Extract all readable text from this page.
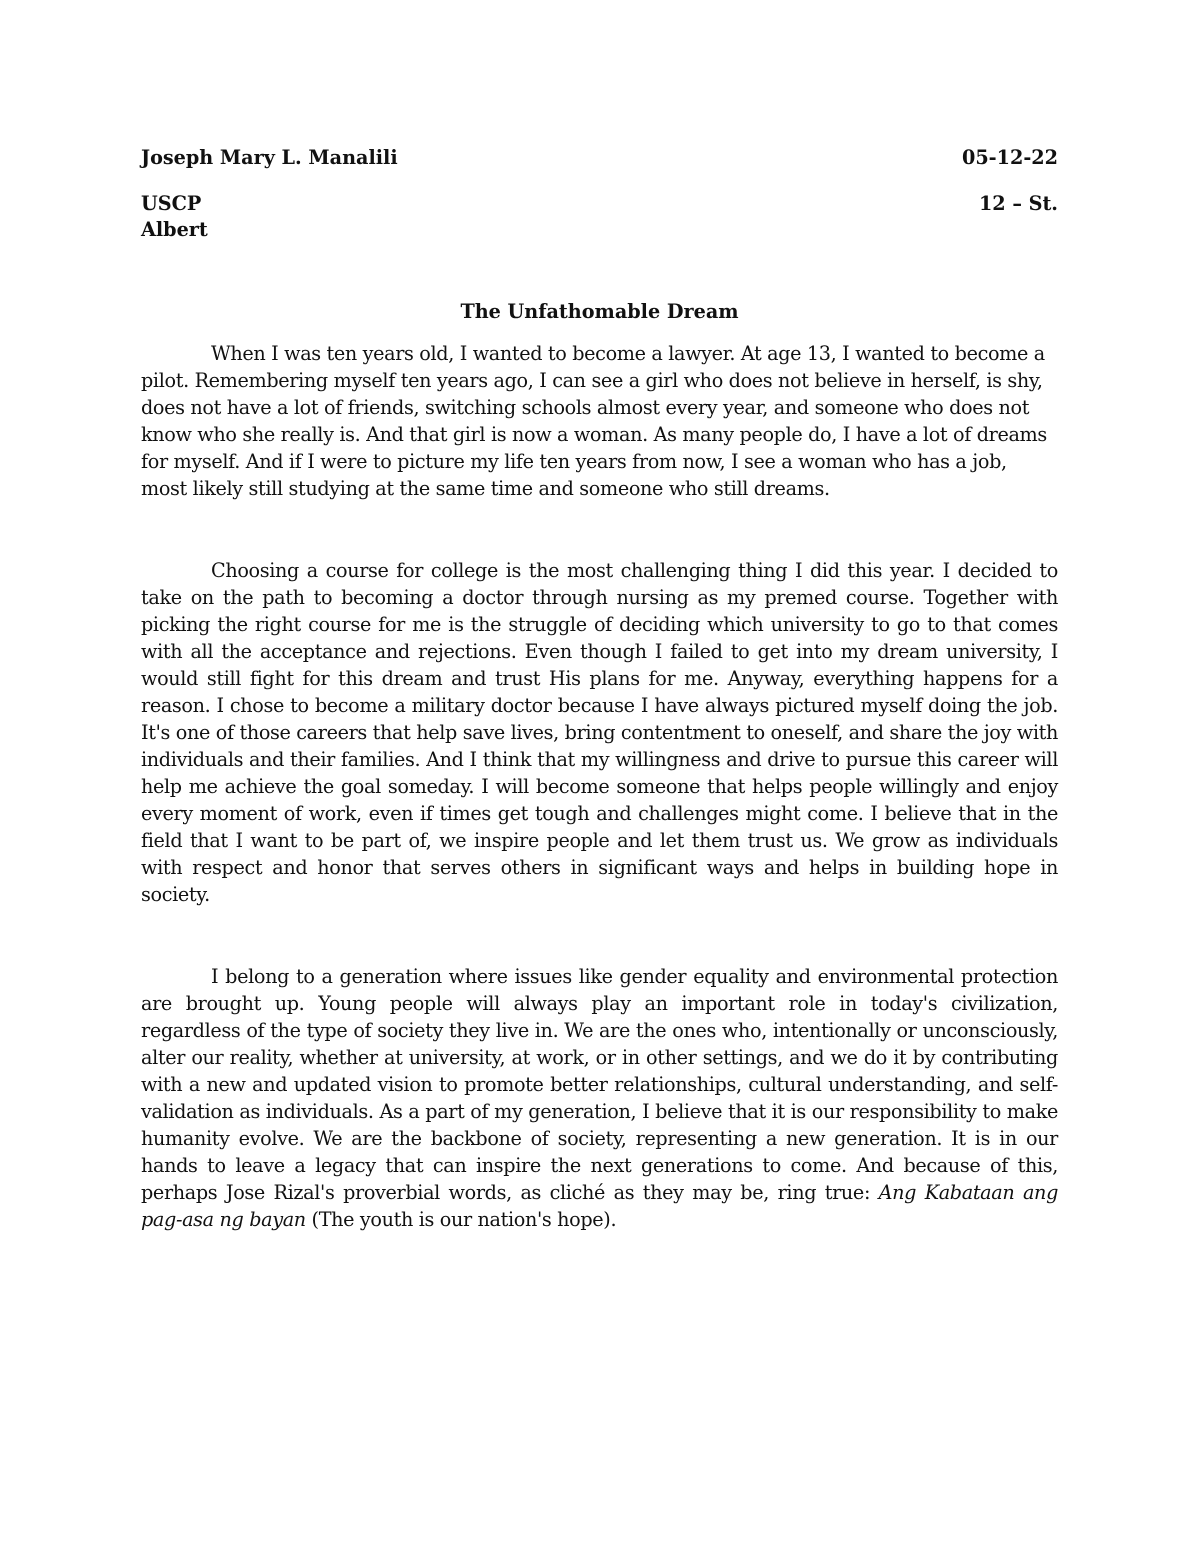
Joseph Mary L. Manalili	05-12-22
USCP	12 – St.
Albert
The Unfathomable Dream

When I was ten years old, I wanted to become a lawyer. At age 13, I wanted to become a pilot. Remembering myself ten years ago, I can see a girl who does not believe in herself, is shy, does not have a lot of friends, switching schools almost every year, and someone who does not know who she really is. And that girl is now a woman. As many people do, I have a lot of dreams for myself. And if I were to picture my life ten years from now, I see a woman who has a job, most likely still studying at the same time and someone who still dreams.

Choosing a course for college is the most challenging thing I did this year. I decided to take on the path to becoming a doctor through nursing as my premed course. Together with picking the right course for me is the struggle of deciding which university to go to that comes with all the acceptance and rejections. Even though I failed to get into my dream university, I would still fight for this dream and trust His plans for me. Anyway, everything happens for a reason. I chose to become a military doctor because I have always pictured myself doing the job. It's one of those careers that help save lives, bring contentment to oneself, and share the joy with individuals and their families. And I think that my willingness and drive to pursue this career will help me achieve the goal someday. I will become someone that helps people willingly and enjoy every moment of work, even if times get tough and challenges might come. I believe that in the field that I want to be part of, we inspire people and let them trust us. We grow as individuals with respect and honor that serves others in significant ways and helps in building hope in society.

I belong to a generation where issues like gender equality and environmental protection are brought up. Young people will always play an important role in today's civilization, regardless of the type of society they live in. We are the ones who, intentionally or unconsciously, alter our reality, whether at university, at work, or in other settings, and we do it by contributing with a new and updated vision to promote better relationships, cultural understanding, and self-validation as individuals. As a part of my generation, I believe that it is our responsibility to make humanity evolve. We are the backbone of society, representing a new generation. It is in our hands to leave a legacy that can inspire the next generations to come. And because of this, perhaps Jose Rizal's proverbial words, as cliché as they may be, ring true: Ang Kabataan ang pag-asa ng bayan (The youth is our nation's hope).
